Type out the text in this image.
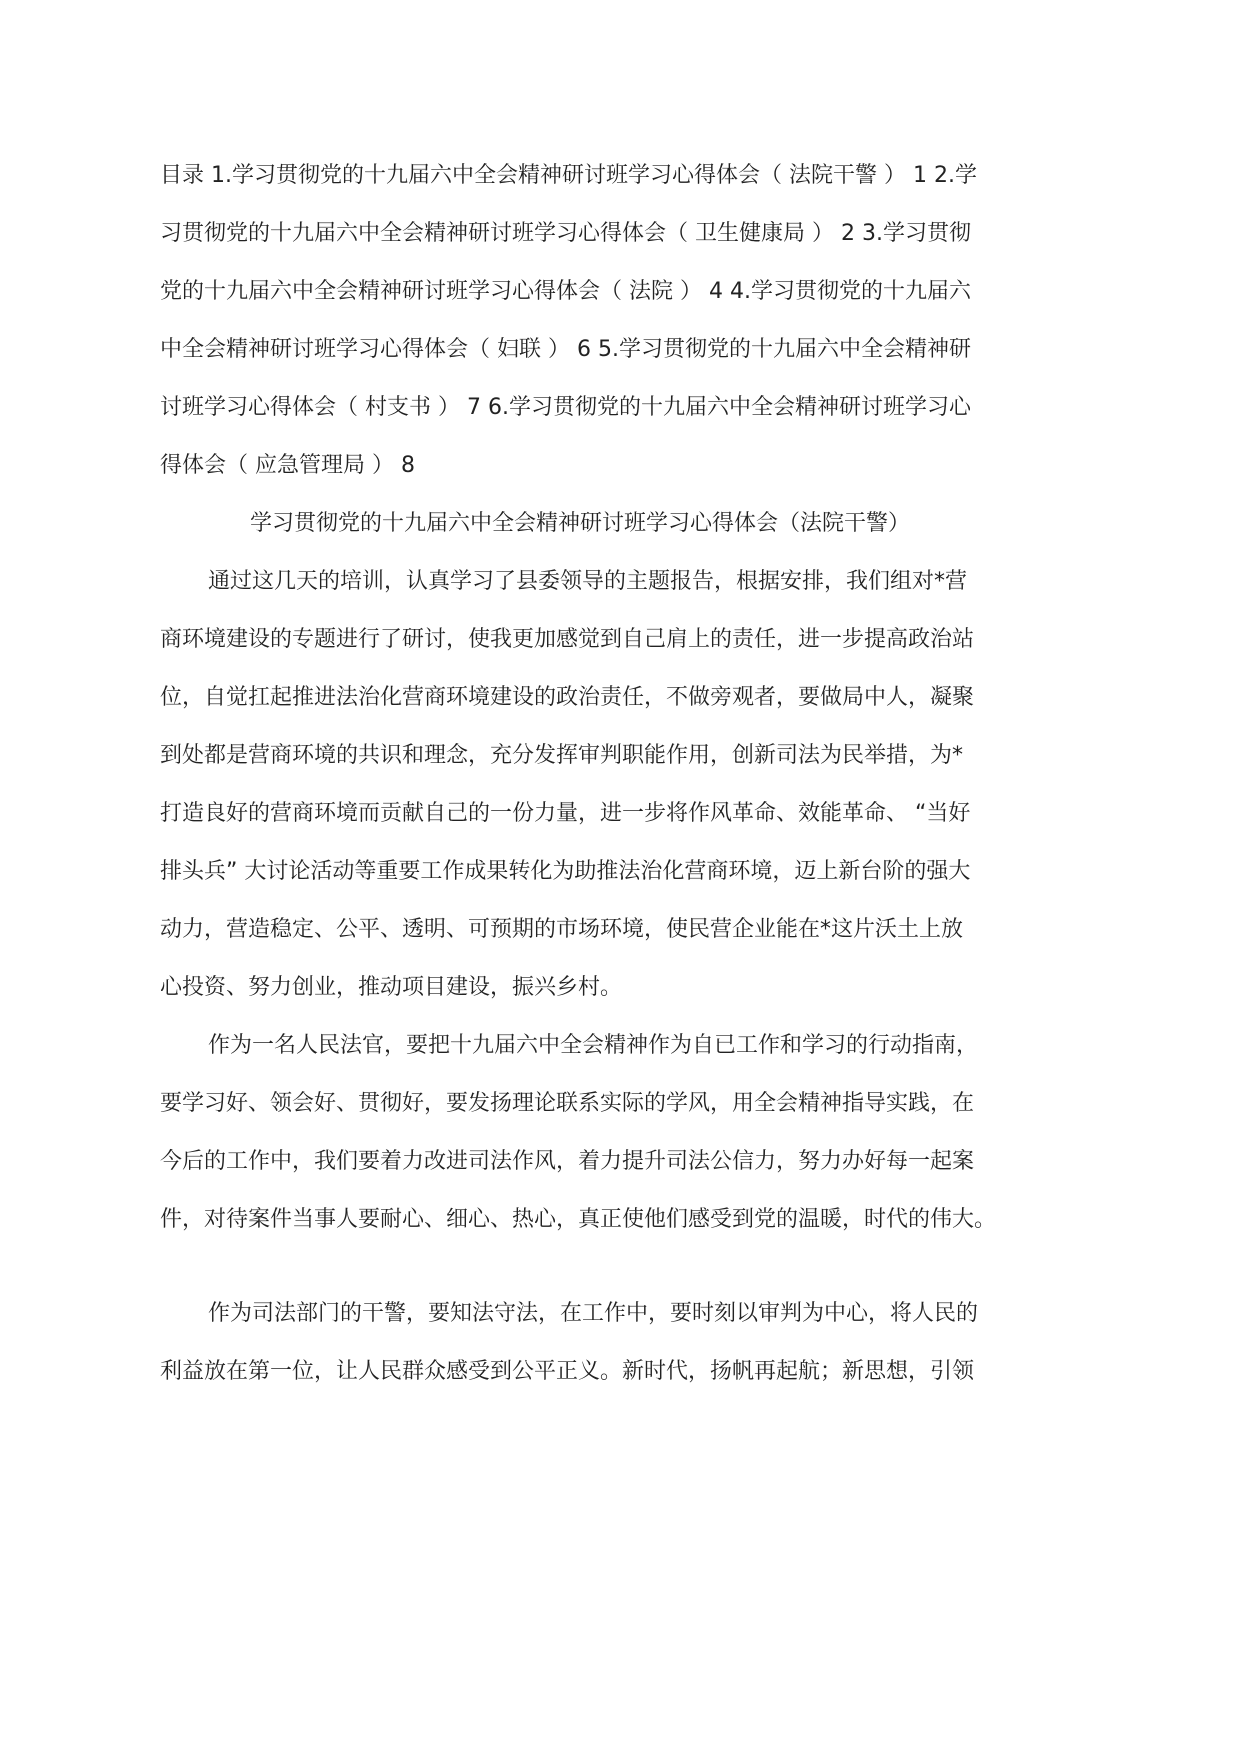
目录 1.学习贯彻党的十九届六中全会精神研讨班学习心得体会（ 法院干警 ） 1 2.学
习贯彻党的十九届六中全会精神研讨班学习心得体会（ 卫生健康局 ） 2 3.学习贯彻
党的十九届六中全会精神研讨班学习心得体会（ 法院 ） 4 4.学习贯彻党的十九届六
中全会精神研讨班学习心得体会（ 妇联 ） 6 5.学习贯彻党的十九届六中全会精神研
讨班学习心得体会（ 村支书 ） 7 6.学习贯彻党的十九届六中全会精神研讨班学习心
得体会（ 应急管理局 ） 8
学习贯彻党的十九届六中全会精神研讨班学习心得体会（法院干警）
通过这几天的培训，认真学习了县委领导的主题报告，根据安排，我们组对*营
商环境建设的专题进行了研讨，使我更加感觉到自己肩上的责任，进一步提高政治站
位，自觉扛起推进法治化营商环境建设的政治责任，不做旁观者，要做局中人，凝聚
到处都是营商环境的共识和理念，充分发挥审判职能作用，创新司法为民举措，为*
打造良好的营商环境而贡献自己的一份力量，进一步将作风革命、效能革命、 “当好
排头兵” 大讨论活动等重要工作成果转化为助推法治化营商环境，迈上新台阶的强大
动力，营造稳定、公平、透明、可预期的市场环境，使民营企业能在*这片沃土上放
心投资、努力创业，推动项目建设，振兴乡村。
作为一名人民法官，要把十九届六中全会精神作为自已工作和学习的行动指南，
要学习好、领会好、贯彻好，要发扬理论联系实际的学风，用全会精神指导实践，在
今后的工作中，我们要着力改进司法作风，着力提升司法公信力，努力办好每一起案
件，对待案件当事人要耐心、细心、热心，真正使他们感受到党的温暖，时代的伟大。
作为司法部门的干警，要知法守法，在工作中，要时刻以审判为中心，将人民的
利益放在第一位，让人民群众感受到公平正义。新时代，扬帆再起航；新思想，引领
